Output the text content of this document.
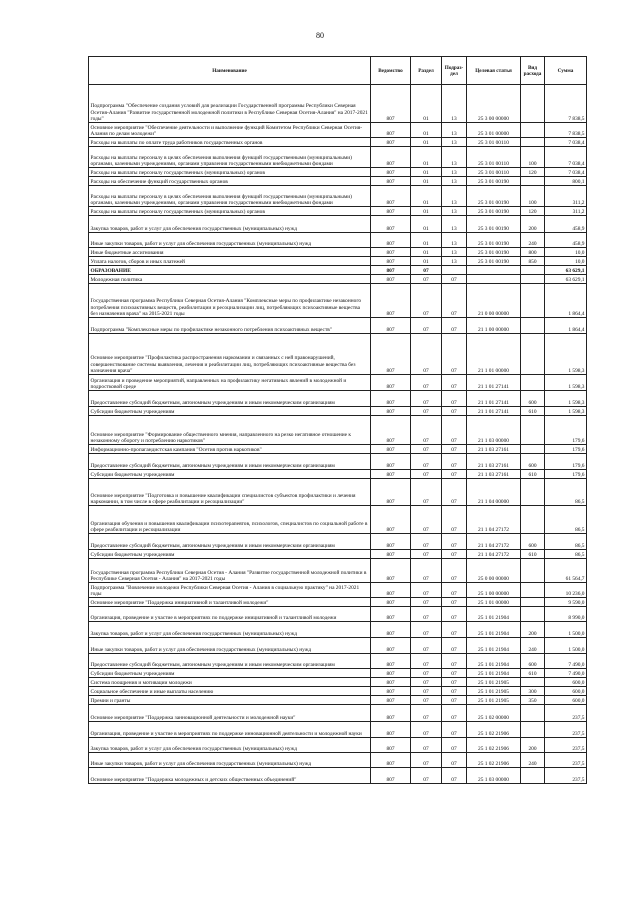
80
Наименование	Ведомство	Раздел	Подраз-дел	Целевая статья	Вид расхода	Сумма
Подпрограмма "Обеспечение создания условий для реализации Государственной программы Республики Северная Осетия-Алания "Развитие государственной молодежной политики в Республике Северная Осетия-Алания" на 2017-2021 годы"	807	01	13	25 3 00 00000		7 838,5
Основное мероприятие "Обеспечение деятельности и выполнение функций Комитетом Республики Северная Осетия-Алания по делам молодежи"	807	01	13	25 3 01 00000		7 838,5
Расходы на выплаты по оплате труда работников государственных органов	807	01	13	25 3 01 00110		7 038,4
Расходы на выплаты персоналу в целях обеспечения выполнения функций государственными (муниципальными) органами, казенными учреждениями, органами управления государственными внебюджетными фондами	807	01	13	25 3 01 00110	100	7 038,4
Расходы на выплаты персоналу государственных (муниципальных) органов	807	01	13	25 3 01 00110	120	7 038,4
Расходы на обеспечение функций государственных органов	807	01	13	25 3 01 00190		800,1
Расходы на выплаты персоналу в целях обеспечения выполнения функций государственными (муниципальными) органами, казенными учреждениями, органами управления государственными внебюджетными фондами	807	01	13	25 3 01 00190	100	311,2
Расходы на выплаты персоналу государственных (муниципальных) органов	807	01	13	25 3 01 00190	120	311,2
Закупка товаров, работ и услуг для обеспечения государственных (муниципальных) нужд	807	01	13	25 3 01 00190	200	458,9
Иные закупки товаров, работ и услуг для обеспечения государственных (муниципальных) нужд	807	01	13	25 3 01 00190	240	458,9
Иные бюджетные ассигнования	807	01	13	25 3 01 00190	800	10,0
Уплата налогов, сборов и иных платежей	807	01	13	25 3 01 00190	850	10,0
ОБРАЗОВАНИЕ	807	07				63 629,1
Молодежная политика	807	07	07			63 629,1
Государственная программа Республики Северная Осетия-Алания "Комплексные меры по профилактике незаконного потребления психоактивных веществ, реабилитации и ресоциализации лиц, потребляющих психоактивные вещества без назначения врача" на 2015-2021 годы	807	07	07	21 0 00 00000		1 864,4
Подпрограмма "Комплексные меры по профилактике незаконного потребления психоактивных веществ"	807	07	07	21 1 00 00000		1 864,4
Основное мероприятие "Профилактика распространения наркомании и связанных с ней правонарушений, совершенствование системы выявления, лечения и реабилитации лиц, потребляющих психоактивные вещества без назначения врача"	807	07	07	21 1 01 00000		1 598,3
Организация и проведение мероприятий, направленных на профилактику негативных явлений в молодежной и подростковой среде	807	07	07	21 1 01 27141		1 598,3
Предоставление субсидий бюджетным, автономным учреждениям и иным некоммерческим организациям	807	07	07	21 1 01 27141	600	1 598,3
Субсидии бюджетным учреждениям	807	07	07	21 1 01 27141	610	1 598,3
Основное мероприятие "Формирование общественного мнения, направленного на резко негативное отношение к незаконному обороту и потреблению наркотиков"	807	07	07	21 1 03 00000		179,6
Информационно-пропагандистская кампания "Осетия против наркотиков"	807	07	07	21 1 03 27161		179,6
Предоставление субсидий бюджетным, автономным учреждениям и иным некоммерческим организациям	807	07	07	21 1 03 27161	600	179,6
Субсидии бюджетным учреждениям	807	07	07	21 1 03 27161	610	179,6
Основное мероприятие "Подготовка и повышение квалификации специалистов субъектов профилактики и лечения наркомании, в том числе в сфере реабилитации и ресоциализации"	807	07	07	21 1 04 00000		86,5
Организация обучения и повышения квалификации психотерапевтов, психологов, специалистов по социальной работе в сфере реабилитации и ресоциализации	807	07	07	21 1 04 27172		86,5
Предоставление субсидий бюджетным, автономным учреждениям и иным некоммерческим организациям	807	07	07	21 1 04 27172	600	86,5
Субсидии бюджетным учреждениям	807	07	07	21 1 04 27172	610	86,5
Государственная программа Республики Северная Осетия - Алания "Развитие государственной молодежной политики в Республике Северная Осетия - Алания" на 2017-2021 годы	807	07	07	25 0 00 00000		61 564,7
Подпрограмма "Вовлечение молодежи Республики Северная Осетия - Алания в социальную практику" на 2017-2021 годы	807	07	07	25 1 00 00000		10 236,0
Основное мероприятие "Поддержка инициативной и талантливой молодежи"	807	07	07	25 1 01 00000		9 590,0
Организация, проведение и участие в мероприятиях по поддержке инициативной и талантливой молодежи	807	07	07	25 1 01 21904		8 990,0
Закупка товаров, работ и услуг для обеспечения государственных (муниципальных) нужд	807	07	07	25 1 01 21904	200	1 500,0
Иные закупки товаров, работ и услуг для обеспечения государственных (муниципальных) нужд	807	07	07	25 1 01 21904	240	1 500,0
Предоставление субсидий бюджетным, автономным учреждениям и иным некоммерческим организациям	807	07	07	25 1 01 21904	600	7 490,0
Субсидии бюджетным учреждениям	807	07	07	25 1 01 21904	610	7 490,0
Система поощрения и мотивации молодежи	807	07	07	25 1 01 21905		600,0
Социальное обеспечение и иные выплаты населению	807	07	07	25 1 01 21905	300	600,0
Премии и гранты	807	07	07	25 1 01 21905	350	600,0
Основное мероприятие "Поддержка занновационной деятельности и молодежной науки"	807	07	07	25 1 02 00000		237,5
Организация, проведение и участие в мероприятиях по поддержке инновационной деятельности и молодежной науки	807	07	07	25 1 02 21906		237,5
Закупка товаров, работ и услуг для обеспечения государственных (муниципальных) нужд	807	07	07	25 1 02 21906	200	237,5
Иные закупки товаров, работ и услуг для обеспечения государственных (муниципальных) нужд	807	07	07	25 1 02 21906	240	237,5
Основное мероприятие "Поддержка молодежных и детских общественных объединений"	807	07	07	25 1 03 00000		237,5
